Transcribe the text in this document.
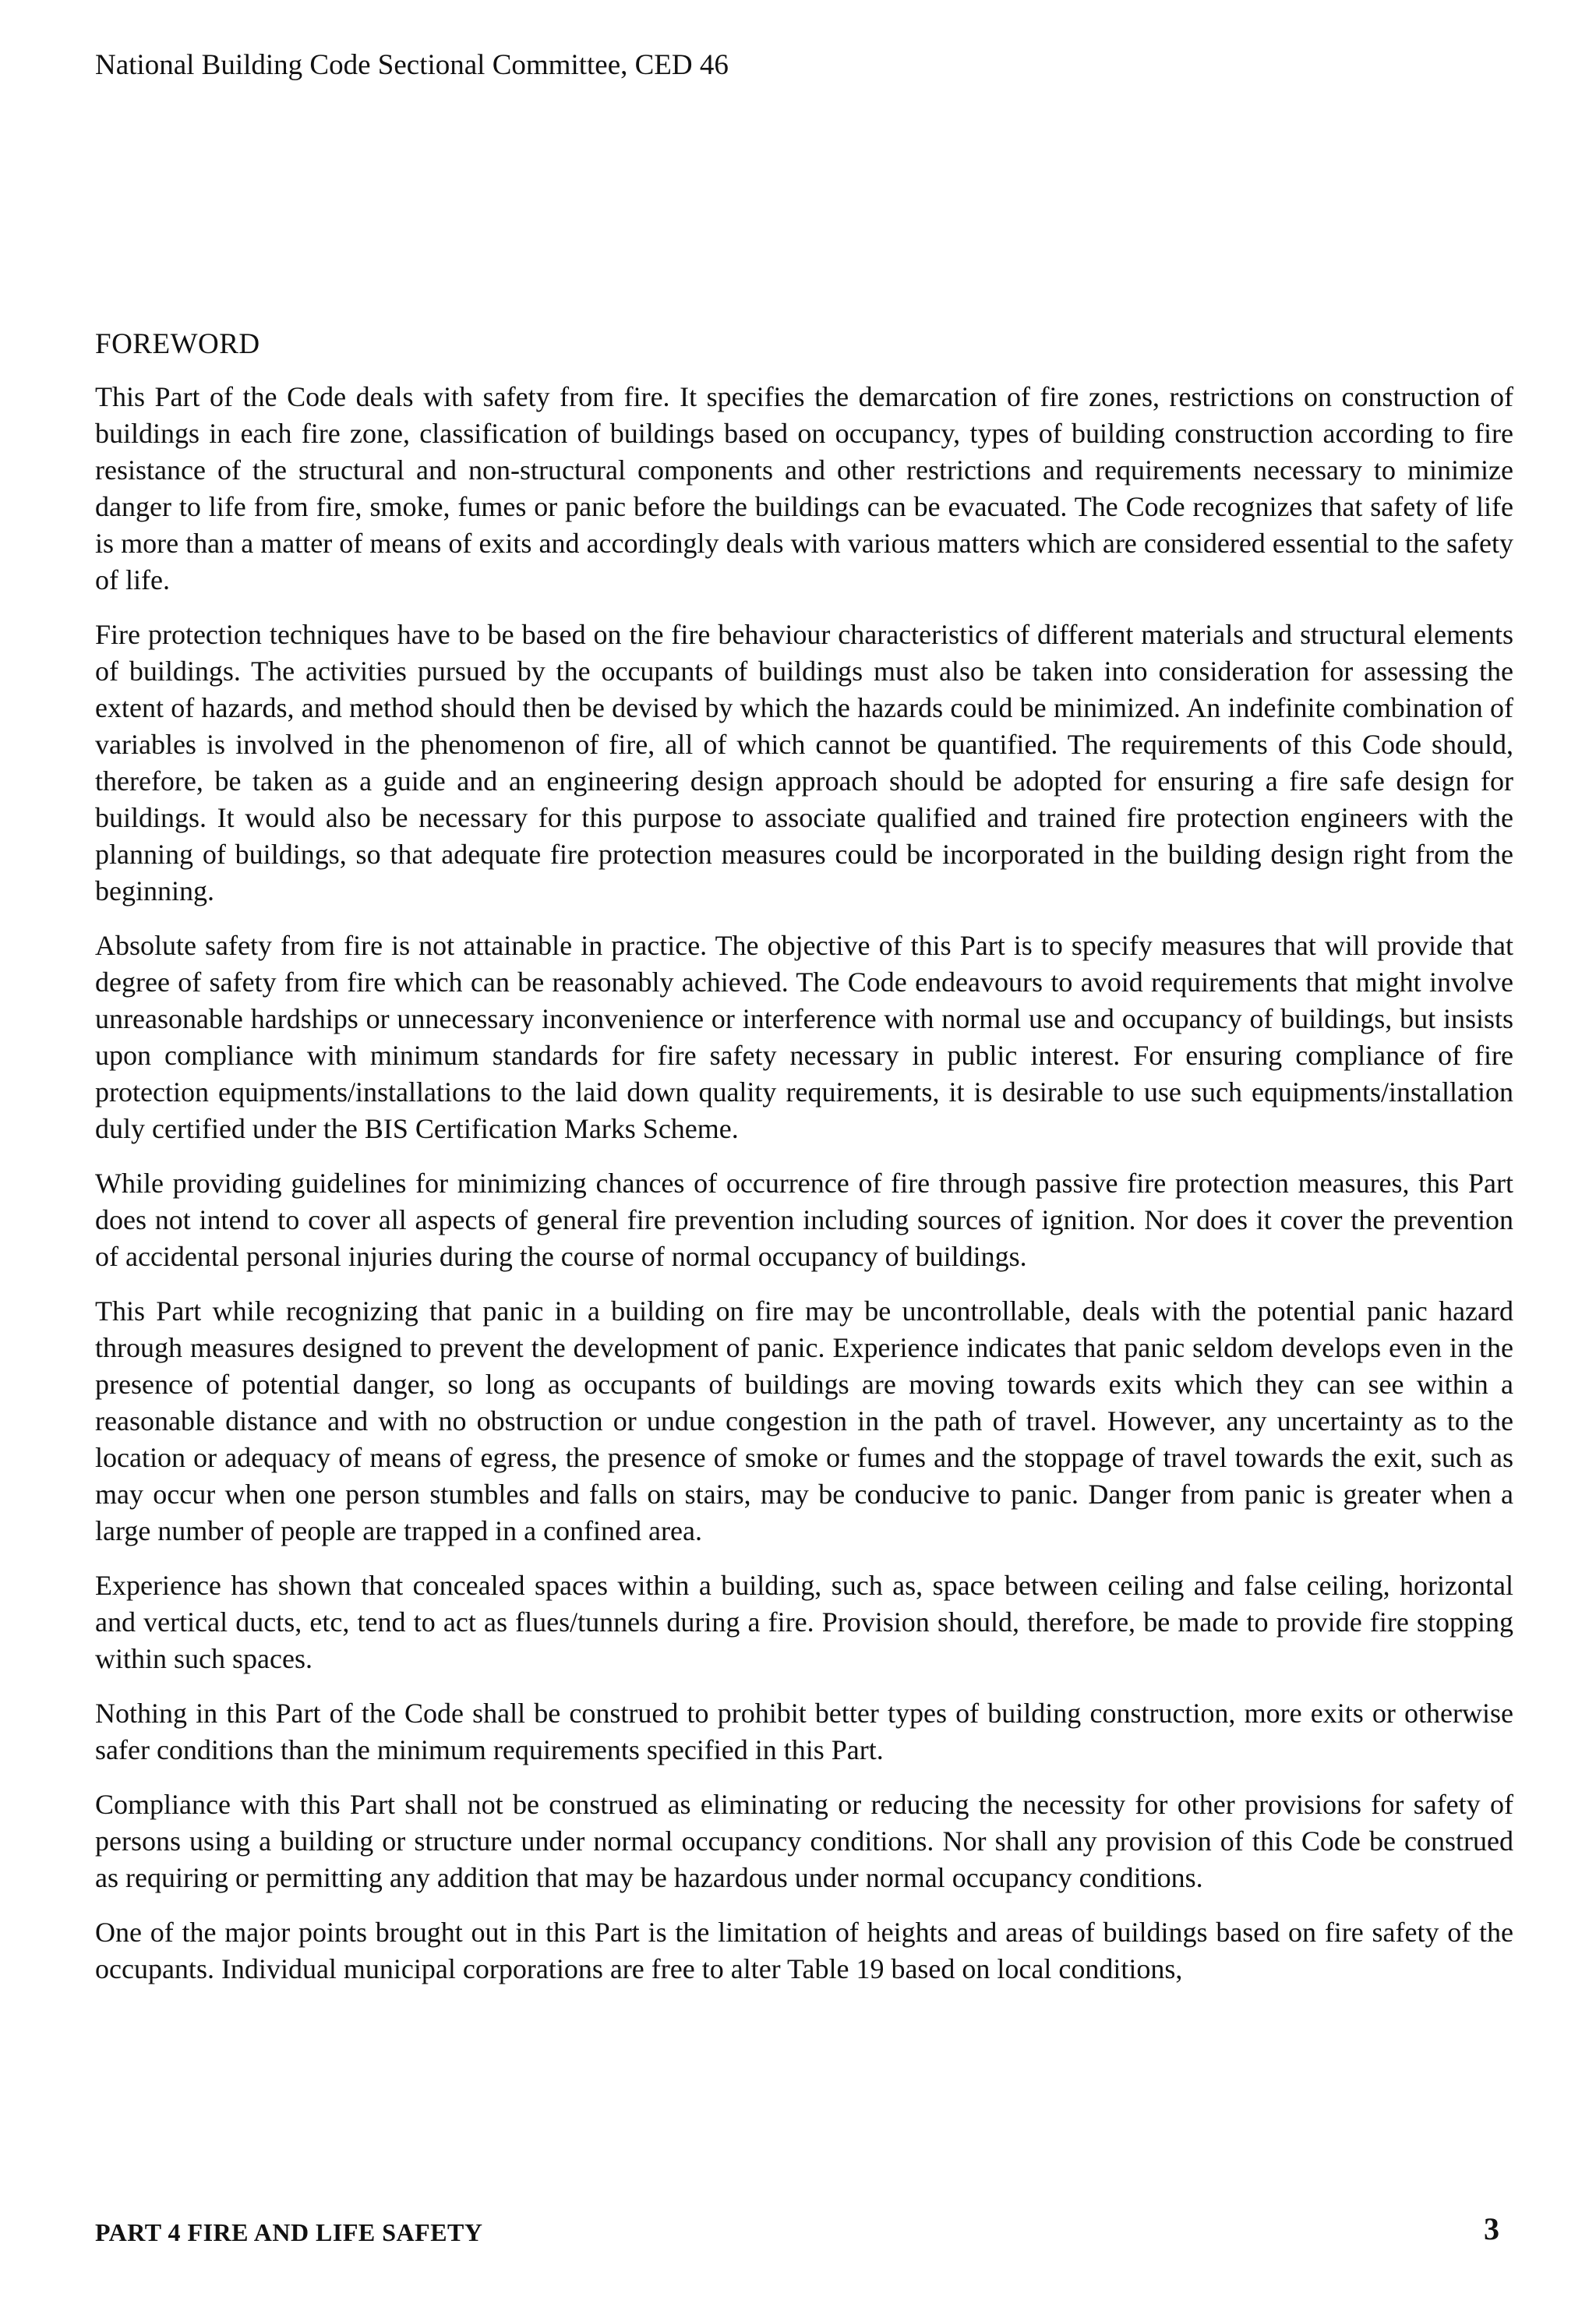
National Building Code Sectional Committee, CED 46
FOREWORD

This Part of the Code deals with safety from fire. It specifies the demarcation of fire zones, restrictions on construction of buildings in each fire zone, classification of buildings based on occupancy, types of building construction according to fire resistance of the structural and non-structural components and other restrictions and requirements necessary to minimize danger to life from fire, smoke, fumes or panic before the buildings can be evacuated. The Code recognizes that safety of life is more than a matter of means of exits and accordingly deals with various matters which are considered essential to the safety of life.

Fire protection techniques have to be based on the fire behaviour characteristics of different materials and structural elements of buildings. The activities pursued by the occupants of buildings must also be taken into consideration for assessing the extent of hazards, and method should then be devised by which the hazards could be minimized. An indefinite combination of variables is involved in the phenomenon of fire, all of which cannot be quantified. The requirements of this Code should, therefore, be taken as a guide and an engineering design approach should be adopted for ensuring a fire safe design for buildings. It would also be necessary for this purpose to associate qualified and trained fire protection engineers with the planning of buildings, so that adequate fire protection measures could be incorporated in the building design right from the beginning.

Absolute safety from fire is not attainable in practice. The objective of this Part is to specify measures that will provide that degree of safety from fire which can be reasonably achieved. The Code endeavours to avoid requirements that might involve unreasonable hardships or unnecessary inconvenience or interference with normal use and occupancy of buildings, but insists upon compliance with minimum standards for fire safety necessary in public interest. For ensuring compliance of fire protection equipments/installations to the laid down quality requirements, it is desirable to use such equipments/installation duly certified under the BIS Certification Marks Scheme.

While providing guidelines for minimizing chances of occurrence of fire through passive fire protection measures, this Part does not intend to cover all aspects of general fire prevention including sources of ignition. Nor does it cover the prevention of accidental personal injuries during the course of normal occupancy of buildings.

This Part while recognizing that panic in a building on fire may be uncontrollable, deals with the potential panic hazard through measures designed to prevent the development of panic. Experience indicates that panic seldom develops even in the presence of potential danger, so long as occupants of buildings are moving towards exits which they can see within a reasonable distance and with no obstruction or undue congestion in the path of travel. However, any uncertainty as to the location or adequacy of means of egress, the presence of smoke or fumes and the stoppage of travel towards the exit, such as may occur when one person stumbles and falls on stairs, may be conducive to panic. Danger from panic is greater when a large number of people are trapped in a confined area.

Experience has shown that concealed spaces within a building, such as, space between ceiling and false ceiling, horizontal and vertical ducts, etc, tend to act as flues/tunnels during a fire. Provision should, therefore, be made to provide fire stopping within such spaces.

Nothing in this Part of the Code shall be construed to prohibit better types of building construction, more exits or otherwise safer conditions than the minimum requirements specified in this Part.

Compliance with this Part shall not be construed as eliminating or reducing the necessity for other provisions for safety of persons using a building or structure under normal occupancy conditions. Nor shall any provision of this Code be construed as requiring or permitting any addition that may be hazardous under normal occupancy conditions.

One of the major points brought out in this Part is the limitation of heights and areas of buildings based on fire safety of the occupants. Individual municipal corporations are free to alter Table 19 based on local conditions,

PART 4 FIRE AND LIFE SAFETY	3
